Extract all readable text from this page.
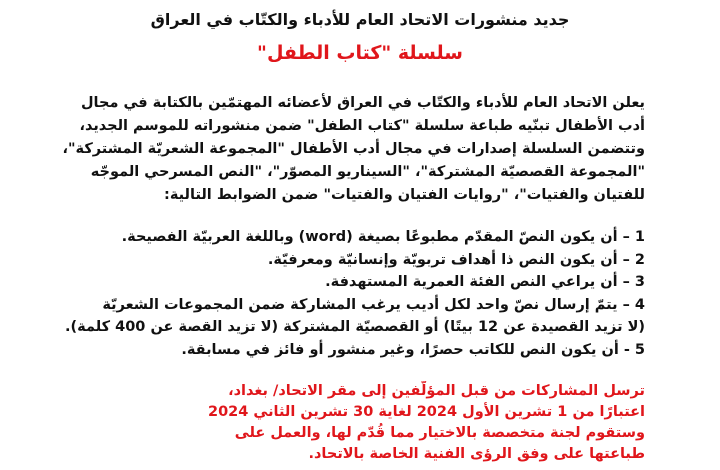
جديد منشورات الاتحاد العام للأدباء والكتّاب في العراق
سلسلة "كتاب الطفل"

يعلن الاتحاد العام للأدباء والكتّاب في العراق لأعضائه المهتمّين بالكتابة في مجال

أدب الأطفال تبنّيه طباعة سلسلة "كتاب الطفل" ضمن منشوراته للموسم الجديد،

وتتضمن السلسلة إصدارات في مجال أدب الأطفال "المجموعة الشعريّة المشتركة"،

"المجموعة القصصيّة المشتركة"، "السيناريو المصوّر"، "النص المسرحي الموجّه

للفتيان والفتيات"، "روايات الفتيان والفتيات" ضمن الضوابط التالية:

1 – أن يكون النصّ المقدّم مطبوعًا بصيغة (word) وباللغة العربيّة الفصيحة.

2 – أن يكون النص ذا أهداف تربويّة وإنسانيّة ومعرفيّة.

3 – أن يراعي النص الفئة العمرية المستهدفة.

4 – يتمّ إرسال نصّ واحد لكل أديب يرغب المشاركة ضمن المجموعات الشعريّة

(لا تزيد القصيدة عن 12 بيتًا) أو القصصيّة المشتركة (لا تزيد القصة عن 400 كلمة).

5 - أن يكون النص للكاتب حصرًا، وغير منشور أو فائز في مسابقة.

ترسل المشاركات من قبل المؤلّفين إلى مقر الاتحاد/ بغداد،

اعتبارًا من 1 تشرين الأول 2024 لغاية 30 تشرين الثاني 2024

وستقوم لجنة متخصصة بالاختيار مما قُدّم لها، والعمل على

طباعتها على وفق الرؤى الفنية الخاصة بالاتحاد.
